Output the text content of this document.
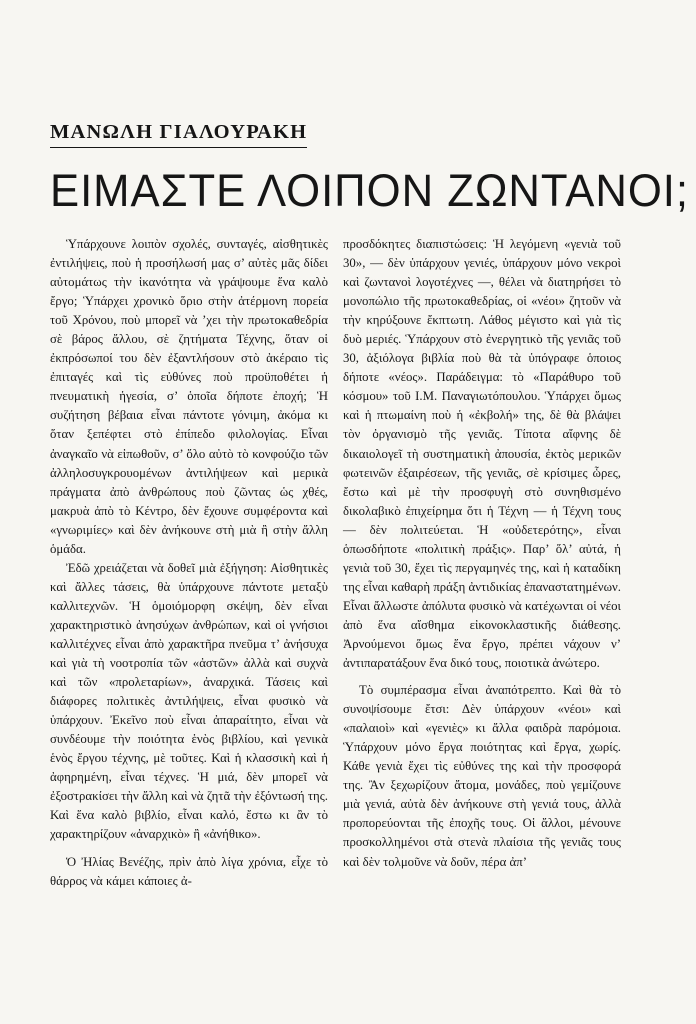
ΜΑΝΩΛΗ ΓΙΑΛΟΥΡΑΚΗ
ΕΙΜΑΣΤΕ ΛΟΙΠΟΝ ΖΩΝΤΑΝΟΙ;

Ὑπάρχουνε λοιπὸν σχολές, συνταγές, αἰσθητικὲς ἐντιλήψεις, ποὺ ἡ προσήλωσή μας σ’ αὐτὲς μᾶς δίδει αὐτομάτως τὴν ἱκανότητα νὰ γράψουμε ἕνα καλὸ ἔργο; Ὑπάρχει χρονικὸ ὅριο στὴν ἀτέρμονη πορεία τοῦ Χρόνου, ποὺ μπορεῖ νὰ ’χει τὴν πρωτοκαθεδρία σὲ βάρος ἄλλου, σὲ ζητήματα Τέχνης, ὅταν οἱ ἐκπρόσωποί του δὲν ἐξαντλήσουν στὸ ἀκέραιο τὶς ἐπιταγές καὶ τὶς εὐθύνες ποὺ προϋποθέτει ἡ πνευματικὴ ἡγεσία, σ’ ὁποῖα δήποτε ἐποχή; Ἡ συζήτηση βέβαια εἶναι πάντοτε γόνιμη, ἀκόμα κι ὅταν ξεπέφτει στὸ ἐπίπεδο φιλολογίας. Εἶναι ἀναγκαῖο νὰ εἰπωθοῦν, σ’ ὅλο αὐτὸ τὸ κονφούζιο τῶν ἀλληλοσυγκρουομένων ἀντιλήψεων καὶ μερικὰ πράγματα ἀπὸ ἀνθρώπους ποὺ ζῶντας ὡς χθές, μακρυὰ ἀπὸ τὸ Κέντρο, δὲν ἔχουνε συμφέροντα καὶ «γνωριμίες» καὶ δὲν ἀνήκουνε στὴ μιὰ ἢ στὴν ἄλλη ὁμάδα.

Ἐδῶ χρειάζεται νὰ δοθεῖ μιὰ ἐξήγηση: Αἰσθητικὲς καὶ ἄλλες τάσεις, θὰ ὑπάρχουνε πάντοτε μεταξὺ καλλιτεχνῶν. Ἡ ὁμοιόμορφη σκέψη, δὲν εἶναι χαρακτηριστικὸ ἀνησύχων ἀνθρώπων, καὶ οἱ γνήσιοι καλλιτέχνες εἶναι ἀπὸ χαρακτῆρα πνεῦμα τ’ ἀνήσυχα καὶ γιὰ τὴ νοοτροπία τῶν «ἀστῶν» ἀλλὰ καὶ συχνὰ καὶ τῶν «προλεταρίων», ἀναρχικά. Τάσεις καὶ διάφορες πολιτικὲς ἀντιλήψεις, εἶναι φυσικὸ νὰ ὑπάρχουν. Ἐκεῖνο ποὺ εἶναι ἀπαραίτητο, εἶναι νὰ συνδέουμε τὴν ποιότητα ἑνὸς βιβλίου, καὶ γενικὰ ἑνὸς ἔργου τέχνης, μὲ τοῦτες. Καὶ ἡ κλασσικὴ καὶ ἡ ἀφηρημένη, εἶναι τέχνες. Ἡ μιά, δὲν μπορεῖ νὰ ἐξοστρακίσει τὴν ἄλλη καὶ νὰ ζητᾶ τὴν ἐξόντωσή της. Καὶ ἕνα καλὸ βιβλίο, εἶναι καλό, ἔστω κι ἂν τὸ χαρακτηρίζουν «ἀναρχικὸ» ἢ «ἀνήθικο».

Ὁ Ἠλίας Βενέζης, πρὶν ἀπὸ λίγα χρόνια, εἶχε τὸ θάρρος νὰ κάμει κάποιες ἀ-

προσδόκητες διαπιστώσεις: Ἡ λεγόμενη «γενιὰ τοῦ 30», — δὲν ὑπάρχουν γενιές, ὑπάρχουν μόνο νεκροὶ καὶ ζωντανοὶ λογοτέχνες —, θέλει νὰ διατηρήσει τὸ μονοπώλιο τῆς πρωτοκαθεδρίας, οἱ «νέοι» ζητοῦν νὰ τὴν κηρύξουνε ἔκπτωτη. Λάθος μέγιστο καὶ γιὰ τὶς δυὸ μεριές. Ὑπάρχουν στὸ ἐνεργητικὸ τῆς γενιᾶς τοῦ 30, ἀξιόλογα βιβλία ποὺ θὰ τὰ ὑπόγραφε ὁποιος δήποτε «νέος». Παράδειγμα: τὸ «Παράθυρο τοῦ κόσμου» τοῦ Ι.Μ. Παναγιωτόπουλου. Ὑπάρχει ὅμως καὶ ἡ πτωμαίνη ποὺ ἡ «ἐκβολή» της, δὲ θὰ βλάψει τὸν ὀργανισμὸ τῆς γενιᾶς. Τίποτα αἴφνης δὲ δικαιολογεῖ τὴ συστηματικὴ ἀπουσία, ἐκτὸς μερικῶν φωτεινῶν ἐξαιρέσεων, τῆς γενιᾶς, σὲ κρίσιμες ὧρες, ἔστω καὶ μὲ τὴν προσφυγὴ στὸ συνηθισμένο δικολαβικὸ ἐπιχείρημα ὅτι ἡ Τέχνη — ἡ Τέχνη τους — δὲν πολιτεύεται. Ἡ «οὐδετερότης», εἶναι ὁπωσδήποτε «πολιτικὴ πράξις». Παρ’ ὅλ’ αὐτά, ἡ γενιὰ τοῦ 30, ἔχει τὶς περγαμηνές της, καὶ ἡ καταδίκη της εἶναι καθαρὴ πράξη ἀντιδικίας ἐπαναστατημένων. Εἶναι ἄλλωστε ἀπόλυτα φυσικὸ νὰ κατέχωνται οἱ νέοι ἀπὸ ἕνα αἴσθημα εἰκονοκλαστικῆς διάθεσης. Ἀρνούμενοι ὅμως ἕνα ἔργο, πρέπει νάχουν ν’ ἀντιπαρατάξουν ἕνα δικό τους, ποιοτικὰ ἀνώτερο.

Τὸ συμπέρασμα εἶναι ἀναπότρεπτο. Καὶ θὰ τὸ συνοψίσουμε ἔτσι: Δὲν ὑπάρχουν «νέοι» καὶ «παλαιοὶ» καὶ «γενιὲς» κι ἄλλα φαιδρὰ παρόμοια. Ὑπάρχουν μόνο ἔργα ποιότητας καὶ ἔργα, χωρίς. Κάθε γενιὰ ἔχει τὶς εὐθύνες της καὶ τὴν προσφορά της. Ἂν ξεχωρίζουν ἄτομα, μονάδες, ποὺ γεμίζουνε μιὰ γενιά, αὐτὰ δὲν ἀνήκουνε στὴ γενιά τους, ἀλλὰ προπορεύονται τῆς ἐποχῆς τους. Οἱ ἄλλοι, μένουνε προσκολλημένοι στὰ στενὰ πλαίσια τῆς γενιᾶς τους καὶ δὲν τολμοῦνε νὰ δοῦν, πέρα ἀπ’
